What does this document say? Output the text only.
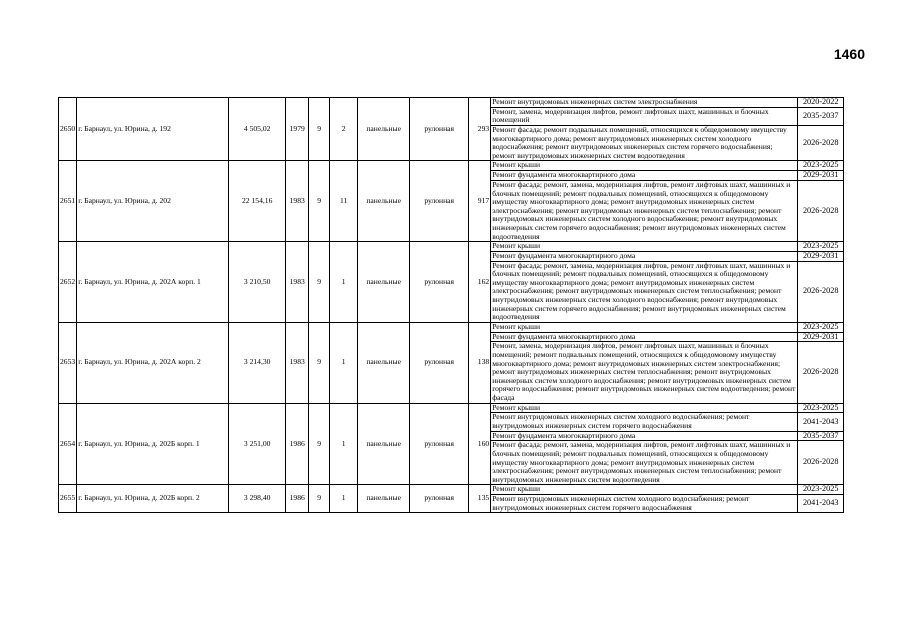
1460
2650	г. Барнаул, ул. Юрина, д. 192	4 505,02	1979	9	2	панельные	рулонная	293	Ремонт внутридомовых инженерных систем электроснабжения	2020-2022
									Ремонт, замена, модернизация лифтов, ремонт лифтовых шахт, машинных и блочных помещений	2035-2037
									Ремонт фасада; ремонт подвальных помещений, относящихся к общедомовому имуществу многоквартирного дома; ремонт внутридомовых инженерных систем холодного водоснабжения; ремонт внутридомовых инженерных систем горячего водоснабжения; ремонт внутридомовых инженерных систем водоотведения	2026-2028
2651	г. Барнаул, ул. Юрина, д. 202	22 154,16	1983	9	11	панельные	рулонная	917	Ремонт крыши	2023-2025
									Ремонт фундамента многоквартирного дома	2029-2031
									Ремонт фасада; ремонт, замена, модернизация лифтов, ремонт лифтовых шахт, машинных и блочных помещений; ремонт подвальных помещений, относящихся к общедомовому имуществу многоквартирного дома; ремонт внутридомовых инженерных систем электроснабжения; ремонт внутридомовых инженерных систем теплоснабжения; ремонт внутридомовых инженерных систем холодного водоснабжения; ремонт внутридомовых инженерных систем горячего водоснабжения; ремонт внутридомовых инженерных систем водоотведения	2026-2028
2652	г. Барнаул, ул. Юрина, д. 202А корп. 1	3 210,50	1983	9	1	панельные	рулонная	162	Ремонт крыши	2023-2025
									Ремонт фундамента многоквартирного дома	2029-2031
									Ремонт фасада; ремонт, замена, модернизация лифтов, ремонт лифтовых шахт, машинных и блочных помещений; ремонт подвальных помещений, относящихся к общедомовому имуществу многоквартирного дома; ремонт внутридомовых инженерных систем электроснабжения; ремонт внутридомовых инженерных систем теплоснабжения; ремонт внутридомовых инженерных систем холодного водоснабжения; ремонт внутридомовых инженерных систем горячего водоснабжения; ремонт внутридомовых инженерных систем водоотведения	2026-2028
2653	г. Барнаул, ул. Юрина, д. 202А корп. 2	3 214,30	1983	9	1	панельные	рулонная	138	Ремонт крыши	2023-2025
									Ремонт фундамента многоквартирного дома	2029-2031
									Ремонт, замена, модернизация лифтов, ремонт лифтовых шахт, машинных и блочных помещений; ремонт подвальных помещений, относящихся к общедомовому имуществу многоквартирного дома; ремонт внутридомовых инженерных систем электроснабжения; ремонт внутридомовых инженерных систем теплоснабжения; ремонт внутридомовых инженерных систем холодного водоснабжения; ремонт внутридомовых инженерных систем горячего водоснабжения; ремонт внутридомовых инженерных систем водоотведения; ремонт фасада	2026-2028
2654	г. Барнаул, ул. Юрина, д. 202Б корп. 1	3 251,00	1986	9	1	панельные	рулонная	160	Ремонт крыши	2023-2025
									Ремонт внутридомовых инженерных систем холодного водоснабжения; ремонт внутридомовых инженерных систем горячего водоснабжения	2041-2043
									Ремонт фундамента многоквартирного дома	2035-2037
									Ремонт фасада; ремонт, замена, модернизация лифтов, ремонт лифтовых шахт, машинных и блочных помещений; ремонт подвальных помещений, относящихся к общедомовому имуществу многоквартирного дома; ремонт внутридомовых инженерных систем электроснабжения; ремонт внутридомовых инженерных систем теплоснабжения; ремонт внутридомовых инженерных систем водоотведения	2026-2028
2655	г. Барнаул, ул. Юрина, д. 202Б корп. 2	3 298,40	1986	9	1	панельные	рулонная	135	Ремонт крыши	2023-2025
									Ремонт внутридомовых инженерных систем холодного водоснабжения; ремонт внутридомовых инженерных систем горячего водоснабжения	2041-2043
